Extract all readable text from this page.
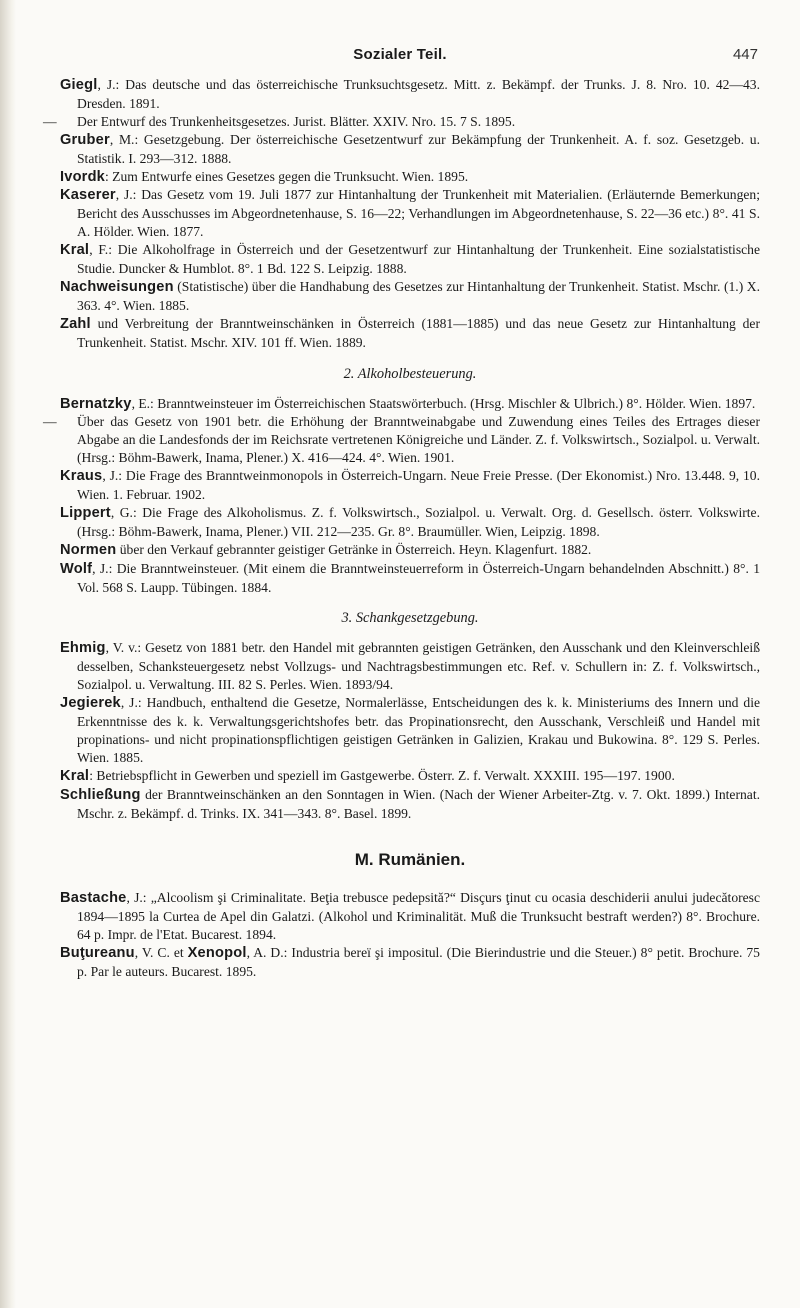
Sozialer Teil.	447

Giegl, J.: Das deutsche und das österreichische Trunksuchtsgesetz. Mitt. z. Bekämpf. der Trunks. J. 8. Nro. 10. 42—43. Dresden. 1891.

— Der Entwurf des Trunkenheitsgesetzes. Jurist. Blätter. XXIV. Nro. 15. 7 S. 1895.

Gruber, M.: Gesetzgebung. Der österreichische Gesetzentwurf zur Bekämpfung der Trunkenheit. A. f. soz. Gesetzgeb. u. Statistik. I. 293—312. 1888.

Ivordk: Zum Entwurfe eines Gesetzes gegen die Trunksucht. Wien. 1895.

Kaserer, J.: Das Gesetz vom 19. Juli 1877 zur Hintanhaltung der Trunkenheit mit Materialien. (Erläuternde Bemerkungen; Bericht des Ausschusses im Abgeordnetenhause, S. 16—22; Verhandlungen im Abgeordnetenhause, S. 22—36 etc.) 8°. 41 S. A. Hölder. Wien. 1877.

Kral, F.: Die Alkoholfrage in Österreich und der Gesetzentwurf zur Hintanhaltung der Trunkenheit. Eine sozialstatistische Studie. Duncker & Humblot. 8°. 1 Bd. 122 S. Leipzig. 1888.

Nachweisungen (Statistische) über die Handhabung des Gesetzes zur Hintanhaltung der Trunkenheit. Statist. Mschr. (1.) X. 363. 4°. Wien. 1885.

Zahl und Verbreitung der Branntweinschänken in Österreich (1881—1885) und das neue Gesetz zur Hintanhaltung der Trunkenheit. Statist. Mschr. XIV. 101 ff. Wien. 1889.

2. Alkoholbesteuerung.

Bernatzky, E.: Branntweinsteuer im Österreichischen Staatswörterbuch. (Hrsg. Mischler & Ulbrich.) 8°. Hölder. Wien. 1897.

— Über das Gesetz von 1901 betr. die Erhöhung der Branntweinabgabe und Zuwendung eines Teiles des Ertrages dieser Abgabe an die Landesfonds der im Reichsrate vertretenen Königreiche und Länder. Z. f. Volkswirtsch., Sozialpol. u. Verwalt. (Hrsg.: Böhm-Bawerk, Inama, Plener.) X. 416—424. 4°. Wien. 1901.

Kraus, J.: Die Frage des Branntweinmonopols in Österreich-Ungarn. Neue Freie Presse. (Der Ekonomist.) Nro. 13.448. 9, 10. Wien. 1. Februar. 1902.

Lippert, G.: Die Frage des Alkoholismus. Z. f. Volkswirtsch., Sozialpol. u. Verwalt. Org. d. Gesellsch. österr. Volkswirte. (Hrsg.: Böhm-Bawerk, Inama, Plener.) VII. 212—235. Gr. 8°. Braumüller. Wien, Leipzig. 1898.

Normen über den Verkauf gebrannter geistiger Getränke in Österreich. Heyn. Klagenfurt. 1882.

Wolf, J.: Die Branntweinsteuer. (Mit einem die Branntweinsteuerreform in Österreich-Ungarn behandelnden Abschnitt.) 8°. 1 Vol. 568 S. Laupp. Tübingen. 1884.

3. Schankgesetzgebung.

Ehmig, V. v.: Gesetz von 1881 betr. den Handel mit gebrannten geistigen Getränken, den Ausschank und den Kleinverschleiß desselben, Schanksteuergesetz nebst Vollzugs- und Nachtragsbestimmungen etc. Ref. v. Schullern in: Z. f. Volkswirtsch., Sozialpol. u. Verwaltung. III. 82 S. Perles. Wien. 1893/94.

Jegierek, J.: Handbuch, enthaltend die Gesetze, Normalerlässe, Entscheidungen des k. k. Ministeriums des Innern und die Erkenntnisse des k. k. Verwaltungsgerichtshofes betr. das Propinationsrecht, den Ausschank, Verschleiß und Handel mit propinations- und nicht propinationspflichtigen geistigen Getränken in Galizien, Krakau und Bukowina. 8°. 129 S. Perles. Wien. 1885.

Kral: Betriebspflicht in Gewerben und speziell im Gastgewerbe. Österr. Z. f. Verwalt. XXXIII. 195—197. 1900.

Schließung der Branntweinschänken an den Sonntagen in Wien. (Nach der Wiener Arbeiter-Ztg. v. 7. Okt. 1899.) Internat. Mschr. z. Bekämpf. d. Trinks. IX. 341—343. 8°. Basel. 1899.

M. Rumänien.

Bastache, J.: „Alcoolism şi Criminalitate. Beţia trebusce pedepsită?“ Disçurs ţinut cu ocasia deschiderii anului judecătoresc 1894—1895 la Curtea de Apel din Galatzi. (Alkohol und Kriminalität. Muß die Trunksucht bestraft werden?) 8°. Brochure. 64 p. Impr. de l'Etat. Bucarest. 1894.

Buţureanu, V. C. et Xenopol, A. D.: Industria bereï şi impositul. (Die Bierindustrie und die Steuer.) 8° petit. Brochure. 75 p. Par le auteurs. Bucarest. 1895.
